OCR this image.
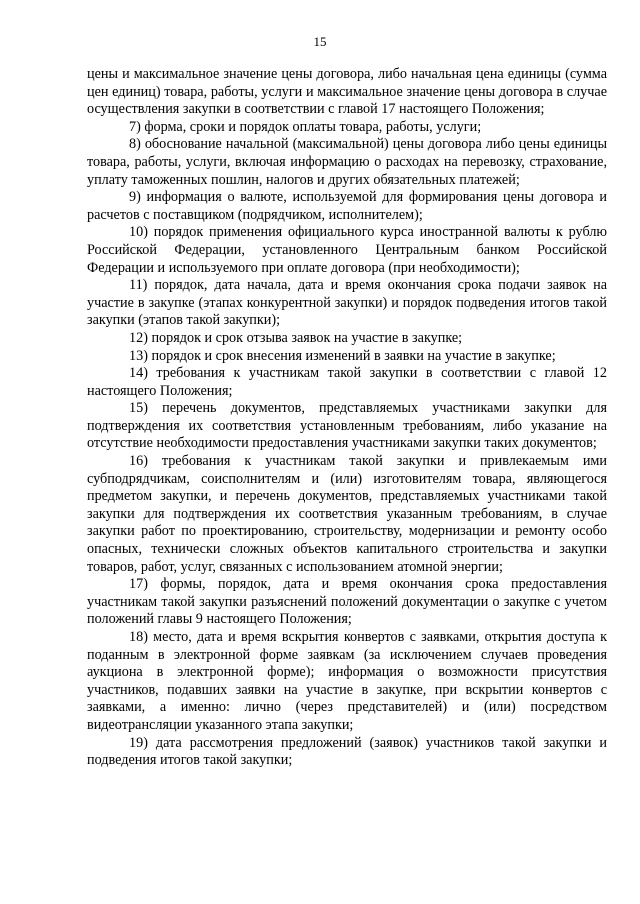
15

цены и максимальное значение цены договора, либо начальная цена единицы (сумма цен единиц) товара, работы, услуги и максимальное значение цены договора в случае осуществления закупки в соответствии с главой 17 настоящего Положения;

7) форма, сроки и порядок оплаты товара, работы, услуги;

8) обоснование начальной (максимальной) цены договора либо цены единицы товара, работы, услуги, включая информацию о расходах на перевозку, страхование, уплату таможенных пошлин, налогов и других обязательных платежей;

9) информация о валюте, используемой для формирования цены договора и расчетов с поставщиком (подрядчиком, исполнителем);

10) порядок применения официального курса иностранной валюты к рублю Российской Федерации, установленного Центральным банком Российской Федерации и используемого при оплате договора (при необходимости);

11) порядок, дата начала, дата и время окончания срока подачи заявок на участие в закупке (этапах конкурентной закупки) и порядок подведения итогов такой закупки (этапов такой закупки);

12) порядок и срок отзыва заявок на участие в закупке;

13) порядок и срок внесения изменений в заявки на участие в закупке;

14) требования к участникам такой закупки в соответствии с главой 12 настоящего Положения;

15) перечень документов, представляемых участниками закупки для подтверждения их соответствия установленным требованиям, либо указание на отсутствие необходимости предоставления участниками закупки таких документов;

16) требования к участникам такой закупки и привлекаемым ими субподрядчикам, соисполнителям и (или) изготовителям товара, являющегося предметом закупки, и перечень документов, представляемых участниками такой закупки для подтверждения их соответствия указанным требованиям, в случае закупки работ по проектированию, строительству, модернизации и ремонту особо опасных, технически сложных объектов капитального строительства и закупки товаров, работ, услуг, связанных с использованием атомной энергии;

17) формы, порядок, дата и время окончания срока предоставления участникам такой закупки разъяснений положений документации о закупке с учетом положений главы 9 настоящего Положения;

18) место, дата и время вскрытия конвертов с заявками, открытия доступа к поданным в электронной форме заявкам (за исключением случаев проведения аукциона в электронной форме); информация о возможности присутствия участников, подавших заявки на участие в закупке, при вскрытии конвертов с заявками, а именно: лично (через представителей) и (или) посредством видеотрансляции указанного этапа закупки;

19) дата рассмотрения предложений (заявок) участников такой закупки и подведения итогов такой закупки;
